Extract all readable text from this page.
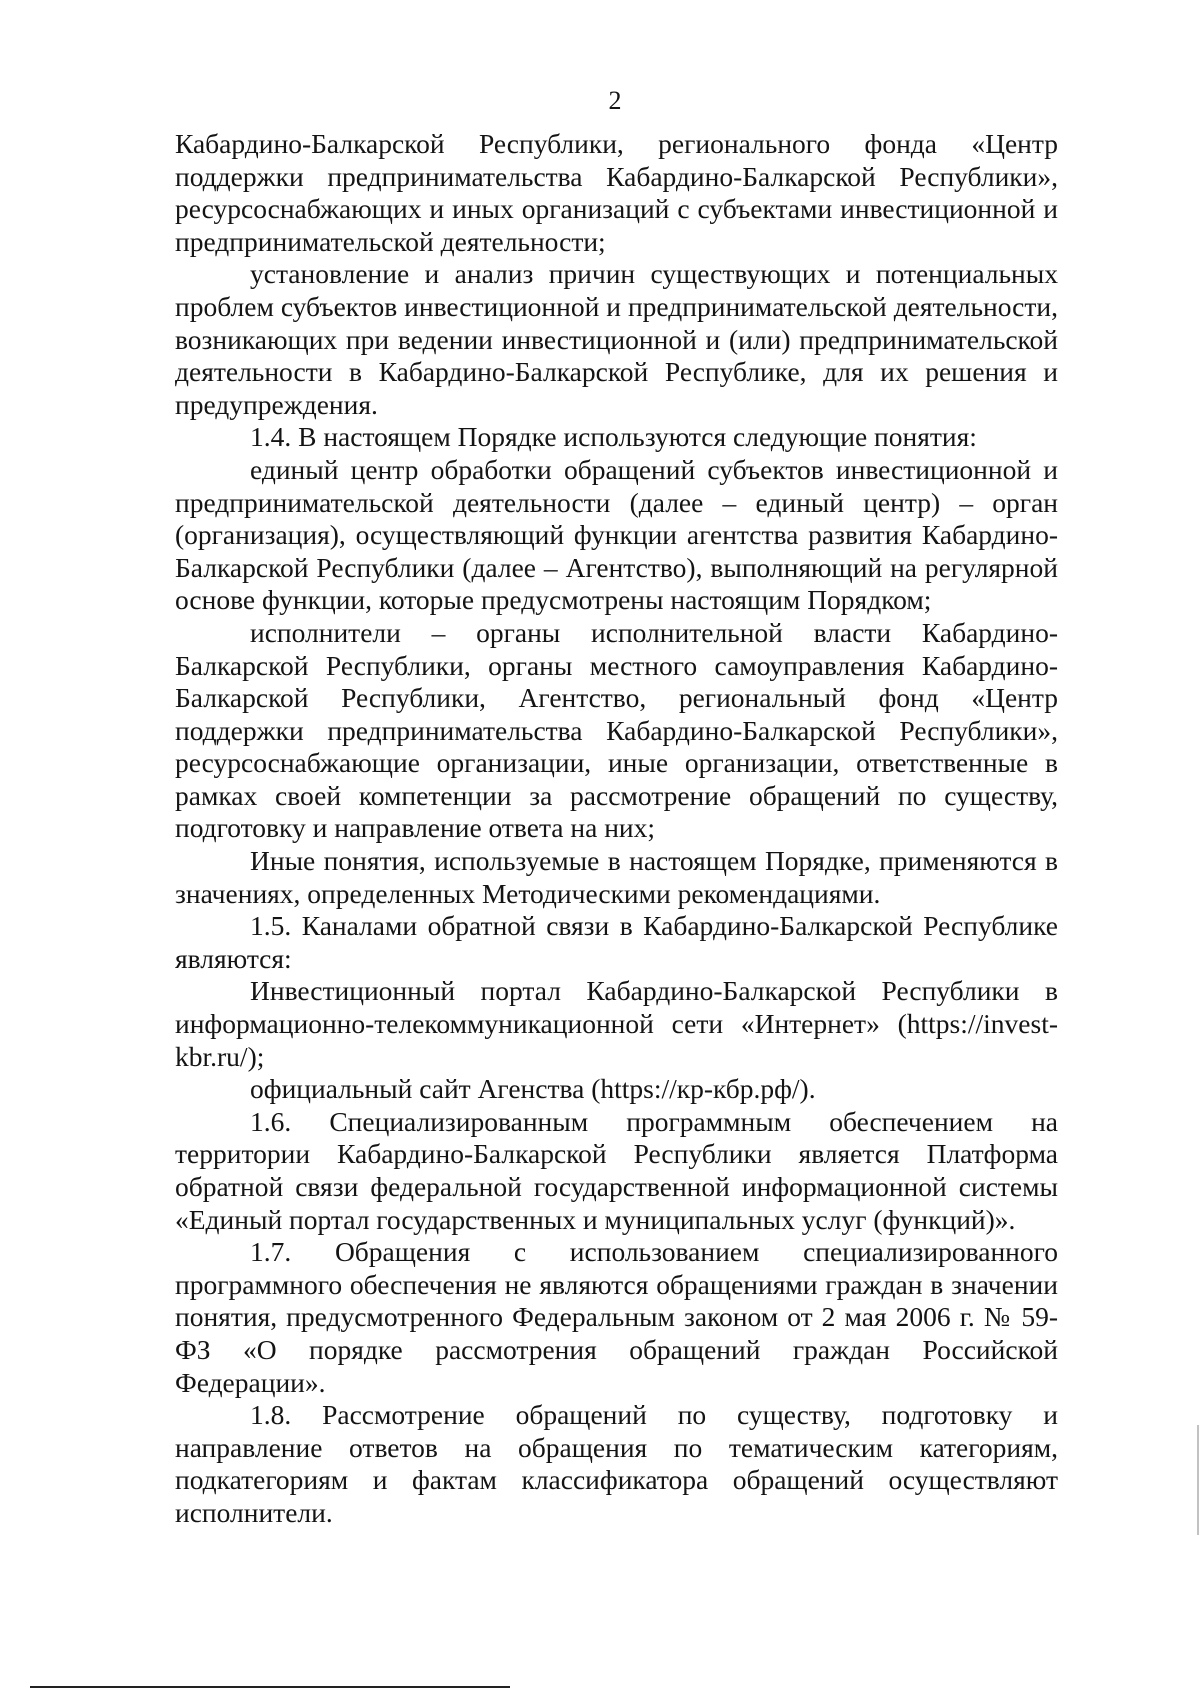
2

Кабардино-Балкарской Республики, регионального фонда «Центр поддержки предпринимательства Кабардино-Балкарской Республики», ресурсоснабжающих и иных организаций с субъектами инвестиционной и предпринимательской деятельности;

установление и анализ причин существующих и потенциальных проблем субъектов инвестиционной и предпринимательской деятельности, возникающих при ведении инвестиционной и (или) предпринимательской деятельности в Кабардино-Балкарской Республике, для их решения и предупреждения.

1.4. В настоящем Порядке используются следующие понятия:

единый центр обработки обращений субъектов инвестиционной и предпринимательской деятельности (далее – единый центр) – орган (организация), осуществляющий функции агентства развития Кабардино-Балкарской Республики (далее – Агентство), выполняющий на регулярной основе функции, которые предусмотрены настоящим Порядком;

исполнители – органы исполнительной власти Кабардино-Балкарской Республики, органы местного самоуправления Кабардино-Балкарской Республики, Агентство, региональный фонд «Центр поддержки предпринимательства Кабардино-Балкарской Республики», ресурсоснабжающие организации, иные организации, ответственные в рамках своей компетенции за рассмотрение обращений по существу, подготовку и направление ответа на них;

Иные понятия, используемые в настоящем Порядке, применяются в значениях, определенных Методическими рекомендациями.

1.5. Каналами обратной связи в Кабардино-Балкарской Республике являются:

Инвестиционный портал Кабардино-Балкарской Республики в информационно-телекоммуникационной сети «Интернет» (https://invest-kbr.ru/);

официальный сайт Агенства (https://кр-кбр.рф/).

1.6. Специализированным программным обеспечением на территории Кабардино-Балкарской Республики является Платформа обратной связи федеральной государственной информационной системы «Единый портал государственных и муниципальных услуг (функций)».

1.7. Обращения с использованием специализированного программного обеспечения не являются обращениями граждан в значении понятия, предусмотренного Федеральным законом от 2 мая 2006 г. № 59-ФЗ «О порядке рассмотрения обращений граждан Российской Федерации».

1.8. Рассмотрение обращений по существу, подготовку и направление ответов на обращения по тематическим категориям, подкатегориям и фактам классификатора обращений осуществляют исполнители.
